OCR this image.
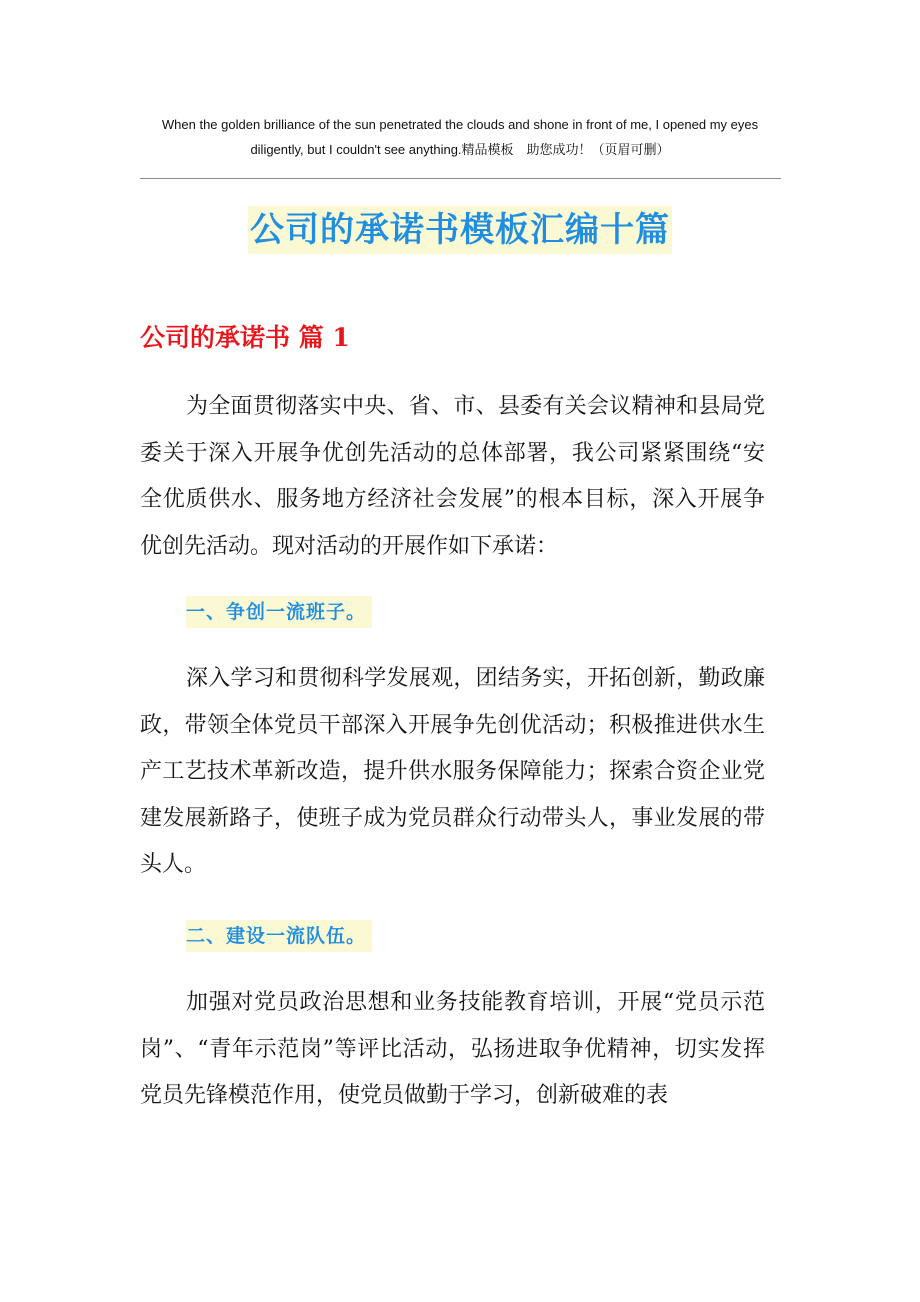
When the golden brilliance of the sun penetrated the clouds and shone in front of me, I opened my eyes
diligently, but I couldn't see anything.精品模板　助您成功！（页眉可删）
公司的承诺书模板汇编十篇
公司的承诺书 篇 1

为全面贯彻落实中央、省、市、县委有关会议精神和县局党委关于深入开展争优创先活动的总体部署，我公司紧紧围绕“安全优质供水、服务地方经济社会发展”的根本目标，深入开展争优创先活动。现对活动的开展作如下承诺：

一、争创一流班子。

深入学习和贯彻科学发展观，团结务实，开拓创新，勤政廉政，带领全体党员干部深入开展争先创优活动；积极推进供水生产工艺技术革新改造，提升供水服务保障能力；探索合资企业党建发展新路子，使班子成为党员群众行动带头人，事业发展的带头人。

二、建设一流队伍。

加强对党员政治思想和业务技能教育培训，开展“党员示范岗”、“青年示范岗”等评比活动，弘扬进取争优精神，切实发挥党员先锋模范作用，使党员做勤于学习，创新破难的表
